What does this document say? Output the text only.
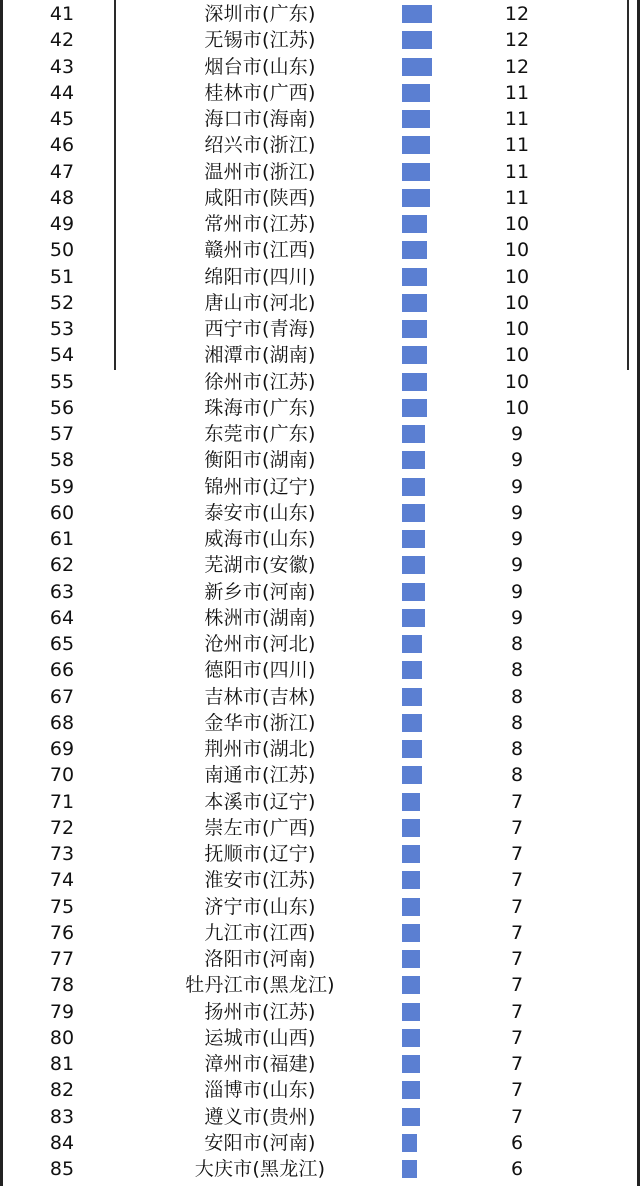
41	深圳市(广东)	12
42	无锡市(江苏)	12
43	烟台市(山东)	12
44	桂林市(广西)	11
45	海口市(海南)	11
46	绍兴市(浙江)	11
47	温州市(浙江)	11
48	咸阳市(陕西)	11
49	常州市(江苏)	10
50	赣州市(江西)	10
51	绵阳市(四川)	10
52	唐山市(河北)	10
53	西宁市(青海)	10
54	湘潭市(湖南)	10
55	徐州市(江苏)	10
56	珠海市(广东)	10
57	东莞市(广东)	9
58	衡阳市(湖南)	9
59	锦州市(辽宁)	9
60	泰安市(山东)	9
61	威海市(山东)	9
62	芜湖市(安徽)	9
63	新乡市(河南)	9
64	株洲市(湖南)	9
65	沧州市(河北)	8
66	德阳市(四川)	8
67	吉林市(吉林)	8
68	金华市(浙江)	8
69	荆州市(湖北)	8
70	南通市(江苏)	8
71	本溪市(辽宁)	7
72	崇左市(广西)	7
73	抚顺市(辽宁)	7
74	淮安市(江苏)	7
75	济宁市(山东)	7
76	九江市(江西)	7
77	洛阳市(河南)	7
78	牡丹江市(黑龙江)	7
79	扬州市(江苏)	7
80	运城市(山西)	7
81	漳州市(福建)	7
82	淄博市(山东)	7
83	遵义市(贵州)	7
84	安阳市(河南)	6
85	大庆市(黑龙江)	6
